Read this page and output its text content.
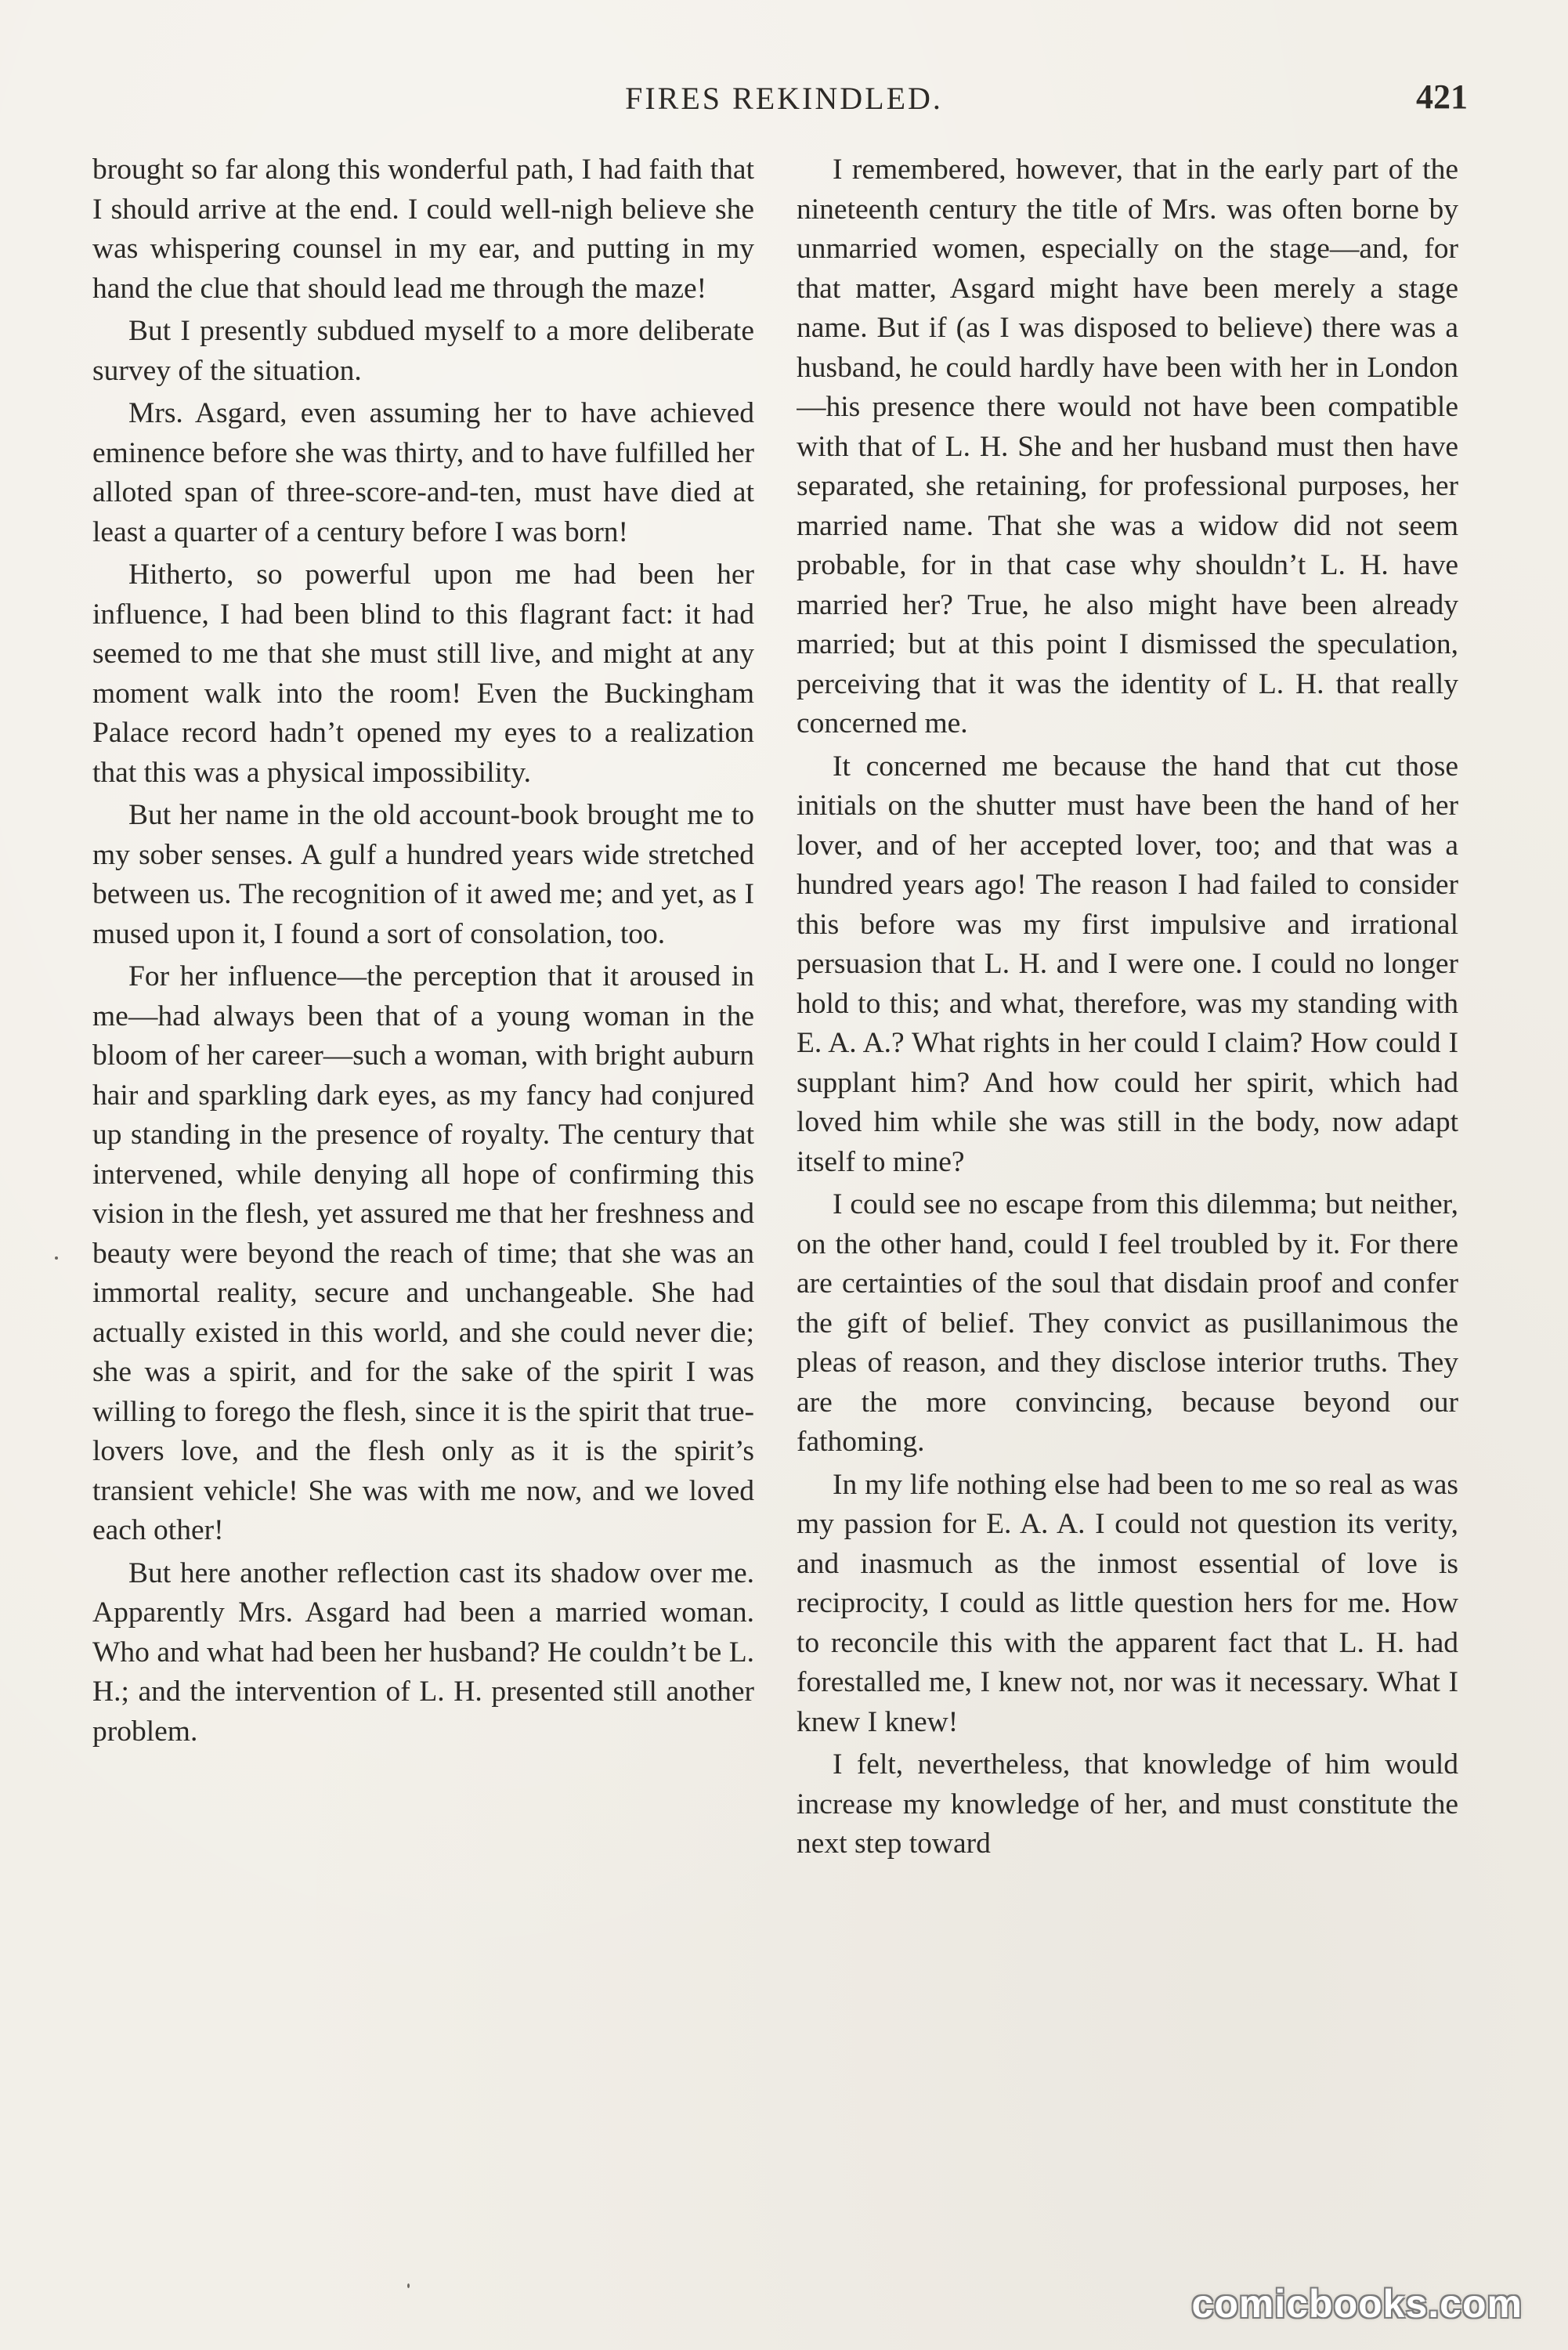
FIRES REKINDLED.	421

brought so far along this wonderful path, I had faith that I should arrive at the end. I could well-nigh believe she was whispering counsel in my ear, and putting in my hand the clue that should lead me through the maze!

But I presently subdued myself to a more deliberate survey of the situation.

Mrs. Asgard, even assuming her to have achieved eminence before she was thirty, and to have fulfilled her alloted span of three-score-and-ten, must have died at least a quarter of a century before I was born!

Hitherto, so powerful upon me had been her influence, I had been blind to this flagrant fact: it had seemed to me that she must still live, and might at any moment walk into the room! Even the Buckingham Palace record hadn’t opened my eyes to a realization that this was a physical impossibility.

But her name in the old account-book brought me to my sober senses. A gulf a hundred years wide stretched between us. The recognition of it awed me; and yet, as I mused upon it, I found a sort of consolation, too.

For her influence—the perception that it aroused in me—had always been that of a young woman in the bloom of her career—such a woman, with bright auburn hair and sparkling dark eyes, as my fancy had conjured up standing in the presence of royalty. The century that intervened, while denying all hope of confirming this vision in the flesh, yet assured me that her freshness and beauty were beyond the reach of time; that she was an immortal reality, secure and unchangeable. She had actually existed in this world, and she could never die; she was a spirit, and for the sake of the spirit I was willing to forego the flesh, since it is the spirit that true-lovers love, and the flesh only as it is the spirit’s transient vehicle! She was with me now, and we loved each other!

But here another reflection cast its shadow over me. Apparently Mrs. Asgard had been a married woman. Who and what had been her husband? He couldn’t be L. H.; and the intervention of L. H. presented still another problem.

I remembered, however, that in the early part of the nineteenth century the title of Mrs. was often borne by unmarried women, especially on the stage—and, for that matter, Asgard might have been merely a stage name. But if (as I was disposed to believe) there was a husband, he could hardly have been with her in London—his presence there would not have been compatible with that of L. H. She and her husband must then have separated, she retaining, for professional purposes, her married name. That she was a widow did not seem probable, for in that case why shouldn’t L. H. have married her? True, he also might have been already married; but at this point I dismissed the speculation, perceiving that it was the identity of L. H. that really concerned me.

It concerned me because the hand that cut those initials on the shutter must have been the hand of her lover, and of her accepted lover, too; and that was a hundred years ago! The reason I had failed to consider this before was my first impulsive and irrational persuasion that L. H. and I were one. I could no longer hold to this; and what, therefore, was my standing with E. A. A.? What rights in her could I claim? How could I supplant him? And how could her spirit, which had loved him while she was still in the body, now adapt itself to mine?

I could see no escape from this dilemma; but neither, on the other hand, could I feel troubled by it. For there are certainties of the soul that disdain proof and confer the gift of belief. They convict as pusillanimous the pleas of reason, and they disclose interior truths. They are the more convincing, because beyond our fathoming.

In my life nothing else had been to me so real as was my passion for E. A. A. I could not question its verity, and inasmuch as the inmost essential of love is reciprocity, I could as little question hers for me. How to reconcile this with the apparent fact that L. H. had forestalled me, I knew not, nor was it necessary. What I knew I knew!

I felt, nevertheless, that knowledge of him would increase my knowledge of her, and must constitute the next step toward

comicbooks.com
